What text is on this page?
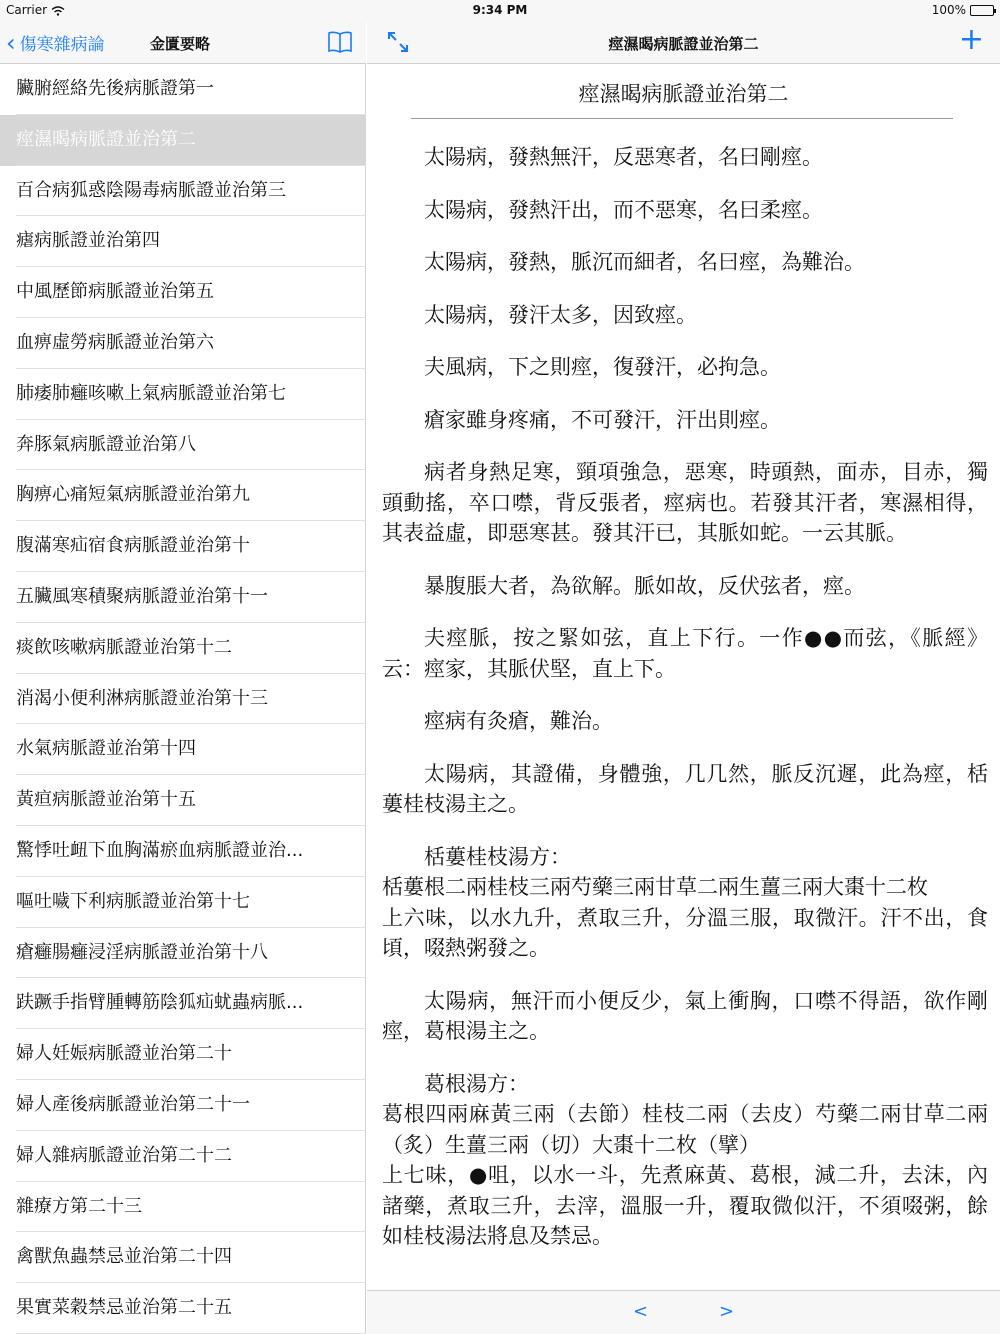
‹ 傷寒雜病論	金匱要略
臟腑經絡先後病脈證第一
痙濕暍病脈證並治第二
百合病狐惑陰陽毒病脈證並治第三
瘧病脈證並治第四
中風歷節病脈證並治第五
血痹虛勞病脈證並治第六
肺痿肺癰咳嗽上氣病脈證並治第七
奔豚氣病脈證並治第八
胸痹心痛短氣病脈證並治第九
腹滿寒疝宿食病脈證並治第十
五臟風寒積聚病脈證並治第十一
痰飲咳嗽病脈證並治第十二
消渴小便利淋病脈證並治第十三
水氣病脈證並治第十四
黃疸病脈證並治第十五
驚悸吐衄下血胸滿瘀血病脈證並治...
嘔吐噦下利病脈證並治第十七
瘡癰腸癰浸淫病脈證並治第十八
趺蹶手指臂腫轉筋陰狐疝蚘蟲病脈...
婦人妊娠病脈證並治第二十
婦人產後病脈證並治第二十一
婦人雜病脈證並治第二十二
雜療方第二十三
禽獸魚蟲禁忌並治第二十四
果實菜穀禁忌並治第二十五
痙濕暍病脈證並治第二	+
痙濕暍病脈證並治第二

太陽病，發熱無汗，反惡寒者，名曰剛痙。

太陽病，發熱汗出，而不惡寒，名曰柔痙。

太陽病，發熱，脈沉而細者，名曰痙，為難治。

太陽病，發汗太多，因致痙。

夫風病，下之則痙，復發汗，必拘急。

瘡家雖身疼痛，不可發汗，汗出則痙。

病者身熱足寒，頸項強急，惡寒，時頭熱，面赤，目赤，獨頭動搖，卒口噤，背反張者，痙病也。若發其汗者，寒濕相得，其表益虛，即惡寒甚。發其汗已，其脈如蛇。一云其脈。

暴腹脹大者，為欲解。脈如故，反伏弦者，痙。

夫痙脈，按之緊如弦，直上下行。一作●●而弦，《脈經》云：痙家，其脈伏堅，直上下。

痙病有灸瘡，難治。

太陽病，其證備，身體強，几几然，脈反沉遲，此為痙，栝蔞桂枝湯主之。

栝蔞桂枝湯方：
栝蔞根二兩桂枝三兩芍藥三兩甘草二兩生薑三兩大棗十二枚
上六味，以水九升，煮取三升，分溫三服，取微汗。汗不出，食頃，啜熱粥發之。

太陽病，無汗而小便反少，氣上衝胸，口噤不得語，欲作剛痙，葛根湯主之。

葛根湯方：
葛根四兩麻黃三兩（去節）桂枝二兩（去皮）芍藥二兩甘草二兩（炙）生薑三兩（切）大棗十二枚（擘）
上七味，●咀，以水一斗，先煮麻黃、葛根，減二升，去沫，內諸藥，煮取三升，去滓，溫服一升，覆取微似汗，不須啜粥，餘如桂枝湯法將息及禁忌。

<	>
Carrier	9:34 PM	100%
